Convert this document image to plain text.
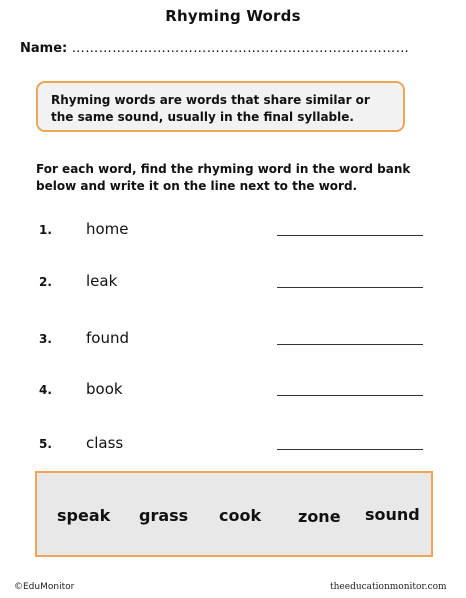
Rhyming Words
Name: …………………………………………………………………
Rhyming words are words that share similar or the same sound, usually in the final syllable.
For each word, find the rhyming word in the word bank below and write it on the line next to the word.
1. home
2. leak
3. found
4. book
5. class
speak grass cook zone sound
©EduMonitor	theeducationmonitor.com
